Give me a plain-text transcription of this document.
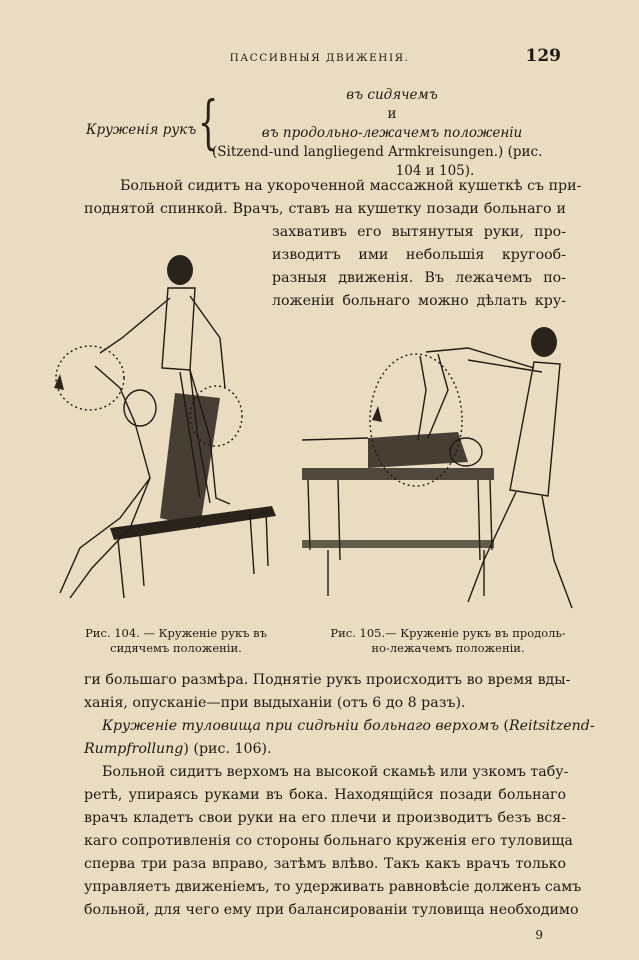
ПАССИВНЫЯ ДВИЖЕНІЯ.	129
Круженія рукъ {	въ сидячемъ
и
въ продольно-лежачемъ положеніи
(Sitzend-und langliegend Armkreisungen.) (рис.
104 и 105).
Больной сидитъ на укороченной массажной кушеткѣ съ при-
поднятой спинкой. Врачъ, ставъ на кушетку позади больнаго и
захвативъ его вытянутыя руки, про-
изводитъ ими небольшія кругооб-
разныя движенія. Въ лежачемъ по-
ложеніи больнаго можно дѣлать кру-
Рис. 104. — Круженіе рукъ въ
сидячемъ положеніи.
Рис. 105.— Круженіе рукъ въ продоль-
но-лежачемъ положеніи.
ги большаго размѣра. Поднятіе рукъ происходитъ во время вды-
ханія, опусканіе—при выдыханіи (отъ 6 до 8 разъ).
Круженіе туловища при сидѣніи больнаго верхомъ (Reitsitzend-
Rumpfrollung) (рис. 106).
Больной сидитъ верхомъ на высокой скамьѣ или узкомъ табу-
ретѣ, упираясь руками въ бока. Находящійся позади больнаго
врачъ кладетъ свои руки на его плечи и производитъ безъ вся-
каго сопротивленія со стороны больнаго круженія его туловища
сперва три раза вправо, затѣмъ влѣво. Такъ какъ врачъ только
управляетъ движеніемъ, то удерживать равновѣсіе долженъ самъ
больной, для чего ему при балансированіи туловища необходимо
9
